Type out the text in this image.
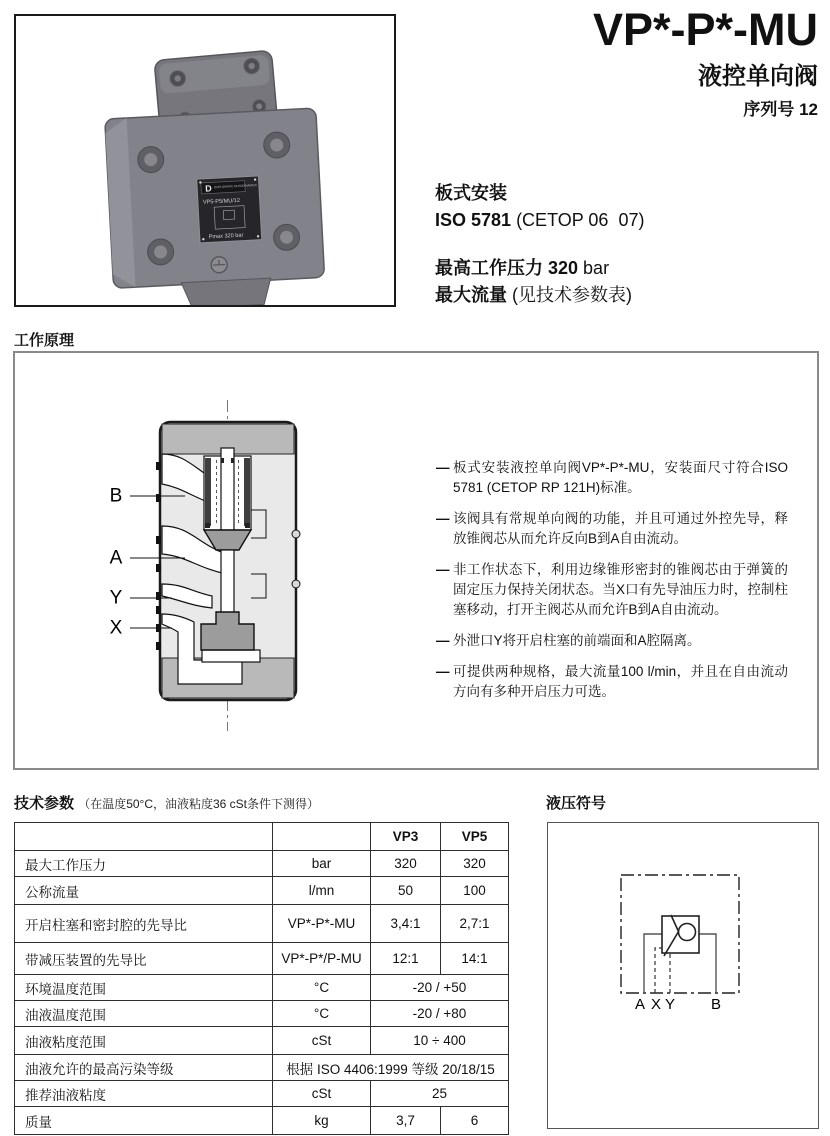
D DUPLOMATIC OLEODINAMICA
VP5-P5/MU/12
Pmax 320 bar
VP*-P*-MU
液控单向阀
序列号 12
板式安装
ISO 5781 (CETOP 06  07)
最高工作压力 320 bar
最大流量 (见技术参数表)
工作原理
B
A
Y
X
— 板式安装液控单向阀VP*-P*-MU，安装面尺寸符合ISO 5781 (CETOP RP 121H)标准。
— 该阀具有常规单向阀的功能，并且可通过外控先导，释放锥阀芯从而允许反向B到A自由流动。
— 非工作状态下，利用边缘锥形密封的锥阀芯由于弹簧的固定压力保持关闭状态。当X口有先导油压力时，控制柱塞移动，打开主阀芯从而允许B到A自由流动。
— 外泄口Y将开启柱塞的前端面和A腔隔离。
— 可提供两种规格，最大流量100 l/min，并且在自由流动方向有多种开启压力可选。
技术参数 （在温度50°C，油液粘度36 cSt条件下测得）
		VP3	VP5
最大工作压力	bar	320	320
公称流量	l/mn	50	100
开启柱塞和密封腔的先导比	VP*-P*-MU	3,4:1	2,7:1
带减压装置的先导比	VP*-P*/P-MU	12:1	14:1
环境温度范围	°C	-20 / +50	
油液温度范围	°C	-20 / +80	
油液粘度范围	cSt	10 ÷ 400	
油液允许的最高污染等级	根据 ISO 4406:1999 等级 20/18/15		
推荐油液粘度	cSt	25	
质量	kg	3,7	6
液压符号
A X Y B
